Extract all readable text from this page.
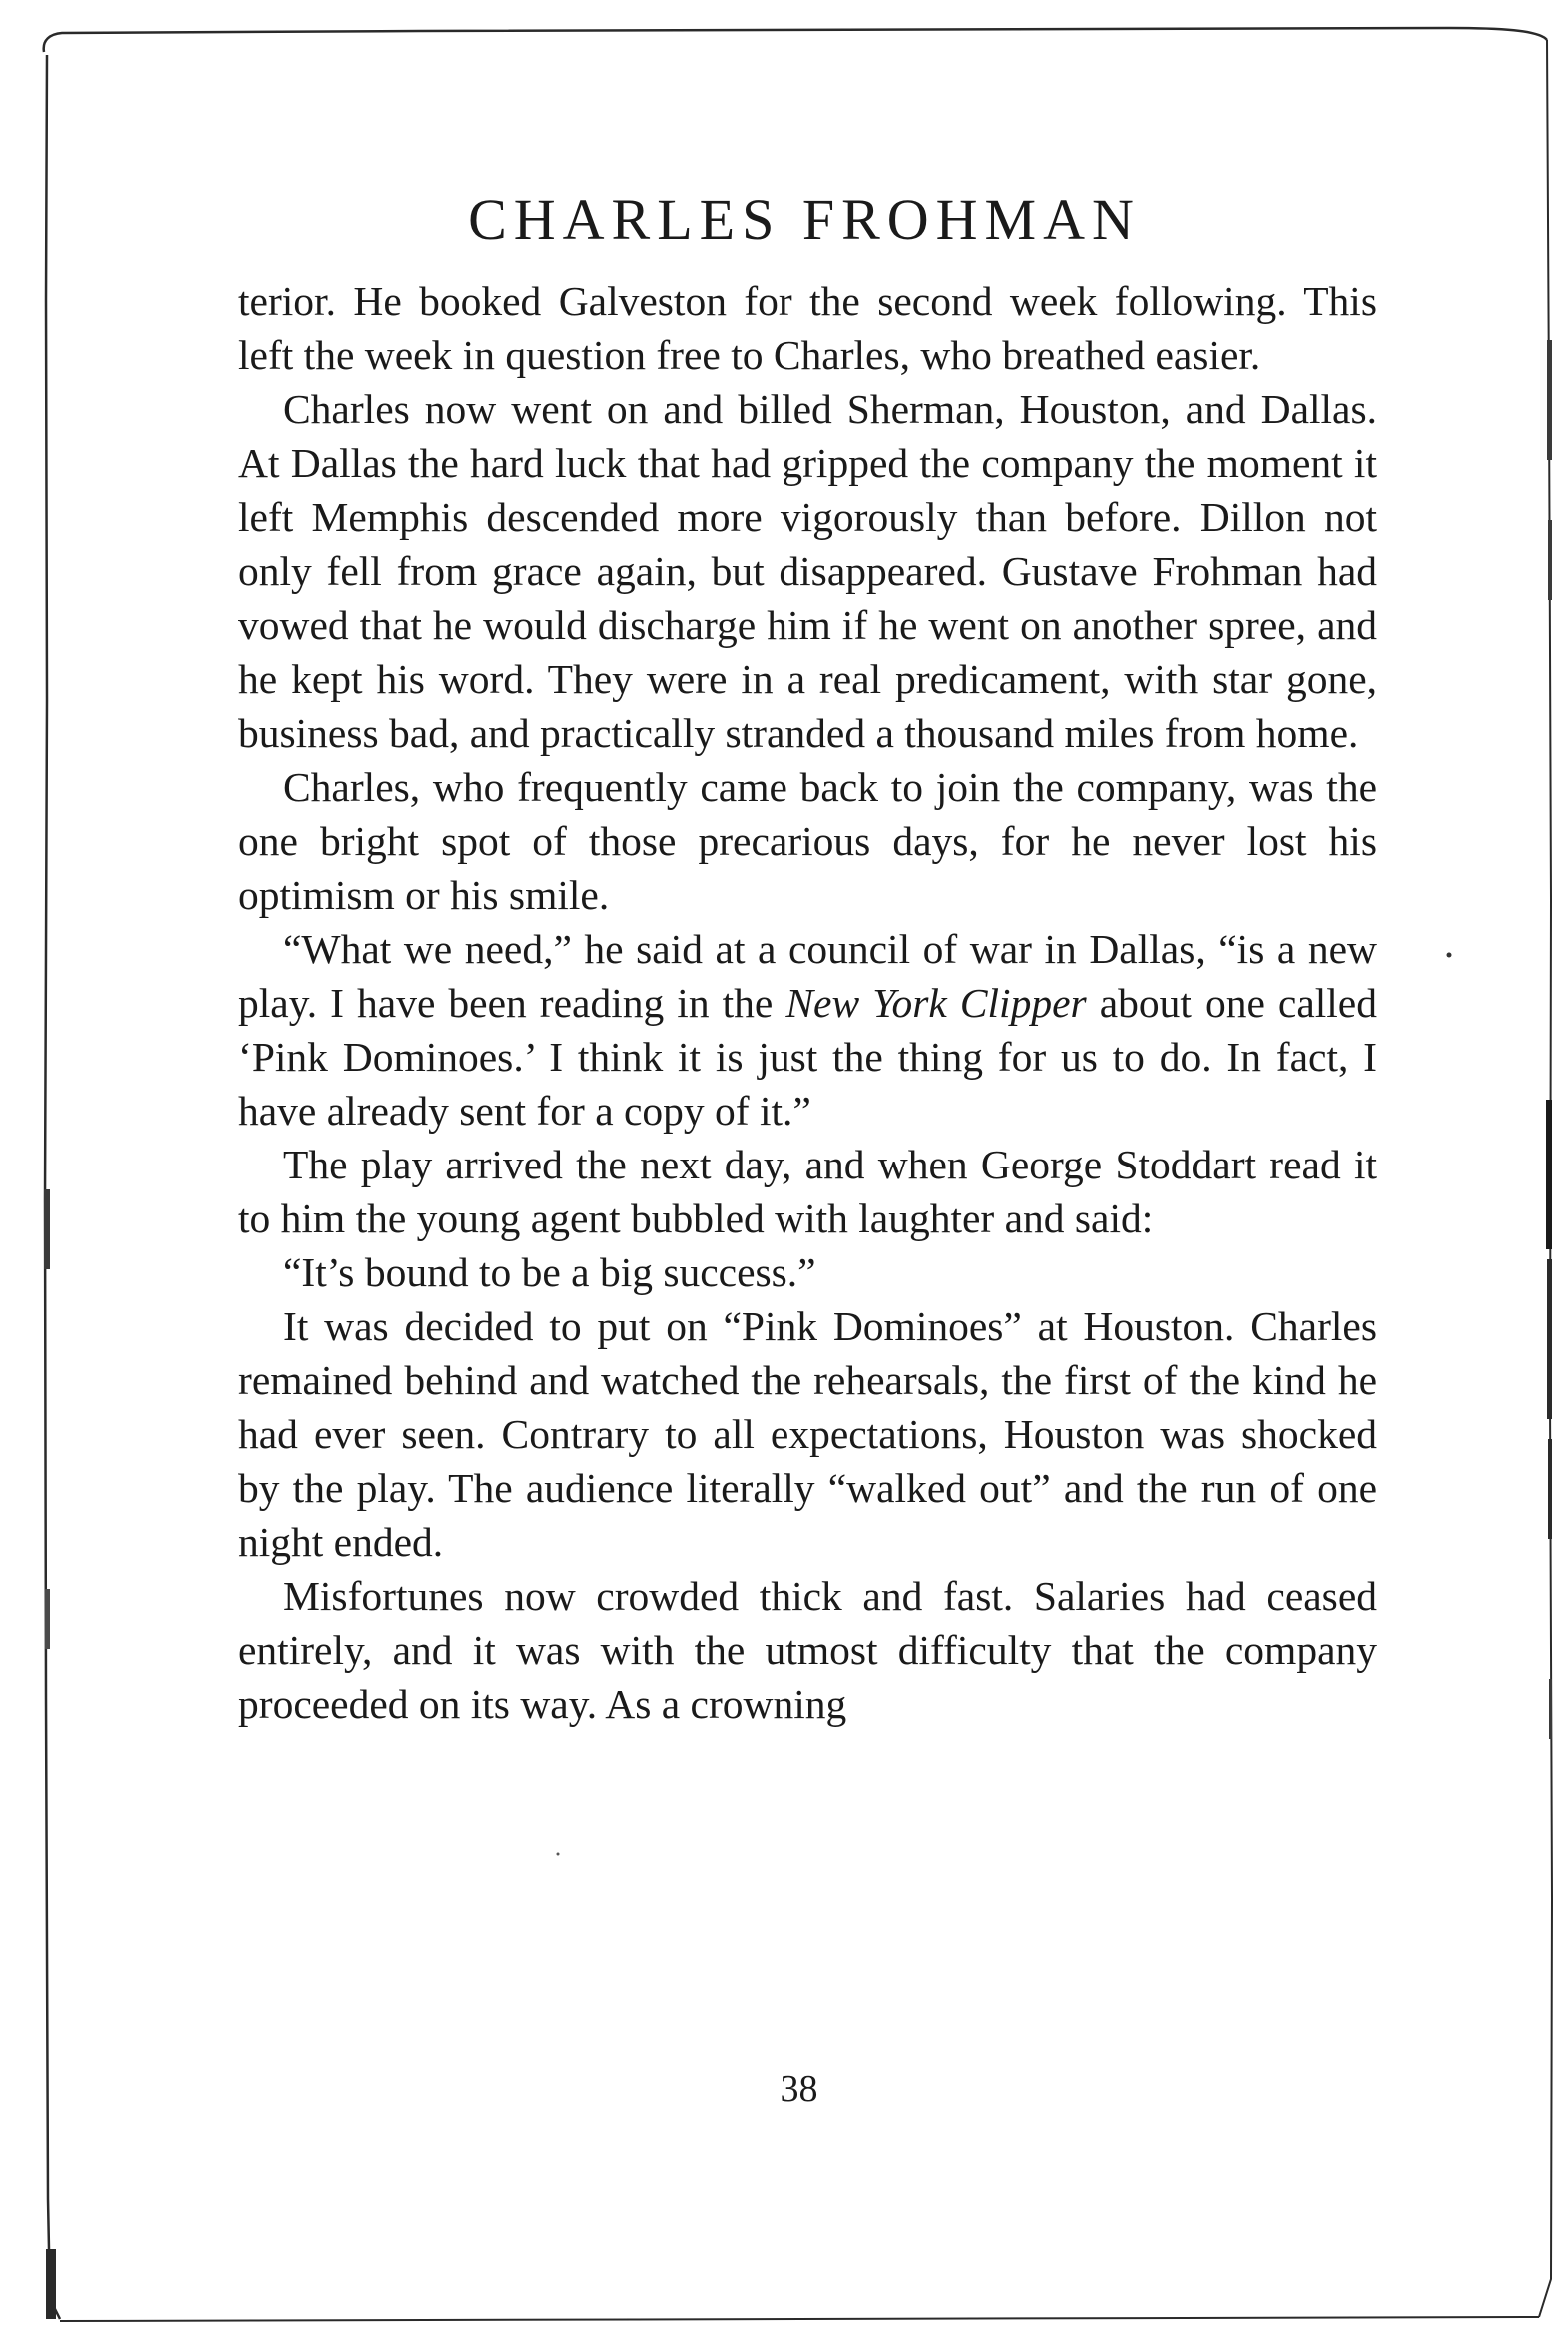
CHARLES FROHMAN

terior. He booked Galveston for the second week following. This left the week in question free to Charles, who breathed easier.

Charles now went on and billed Sherman, Houston, and Dallas. At Dallas the hard luck that had gripped the company the moment it left Memphis descended more vigorously than before. Dillon not only fell from grace again, but disappeared. Gustave Frohman had vowed that he would discharge him if he went on another spree, and he kept his word. They were in a real predicament, with star gone, business bad, and practically stranded a thousand miles from home.

Charles, who frequently came back to join the company, was the one bright spot of those precarious days, for he never lost his optimism or his smile.

“What we need,” he said at a council of war in Dallas, “is a new play. I have been reading in the New York Clipper about one called ‘Pink Dominoes.’ I think it is just the thing for us to do. In fact, I have already sent for a copy of it.”

The play arrived the next day, and when George Stoddart read it to him the young agent bubbled with laughter and said:

“It’s bound to be a big success.”

It was decided to put on “Pink Dominoes” at Houston. Charles remained behind and watched the rehearsals, the first of the kind he had ever seen. Contrary to all expectations, Houston was shocked by the play. The audience literally “walked out” and the run of one night ended.

Misfortunes now crowded thick and fast. Salaries had ceased entirely, and it was with the utmost difficulty that the company proceeded on its way. As a crowning

38
